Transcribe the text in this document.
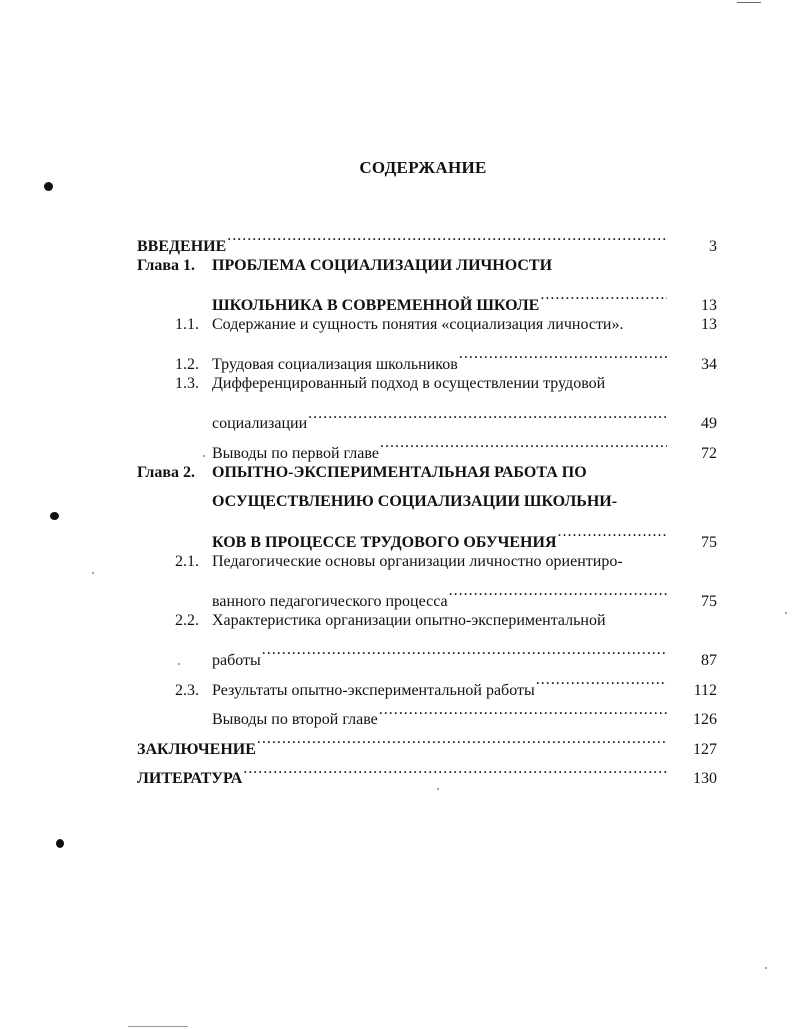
СОДЕРЖАНИЕ
ВВЕДЕНИЕ .....	3
Глава 1.	ПРОБЛЕМА СОЦИАЛИЗАЦИИ ЛИЧНОСТИ
ШКОЛЬНИКА В СОВРЕМЕННОЙ ШКОЛЕ .....	13
1.1. Содержание и сущность понятия «социализация личности».	13
1.2. Трудовая социализация школьников .....	34
1.3. Дифференцированный подход в осуществлении трудовой
социализации .....	49
Выводы по первой главе .....	72
Глава 2.	ОПЫТНО-ЭКСПЕРИМЕНТАЛЬНАЯ РАБОТА ПО
ОСУЩЕСТВЛЕНИЮ СОЦИАЛИЗАЦИИ ШКОЛЬНИ-
КОВ В ПРОЦЕССЕ ТРУДОВОГО ОБУЧЕНИЯ .....	75
2.1. Педагогические основы организации личностно ориентиро-
ванного педагогического процесса .....	75
2.2. Характеристика организации опытно-экспериментальной
работы .....	87
2.3. Результаты опытно-экспериментальной работы .....	112
Выводы по второй главе .....	126
ЗАКЛЮЧЕНИЕ .....	127
ЛИТЕРАТУРА .....	130
